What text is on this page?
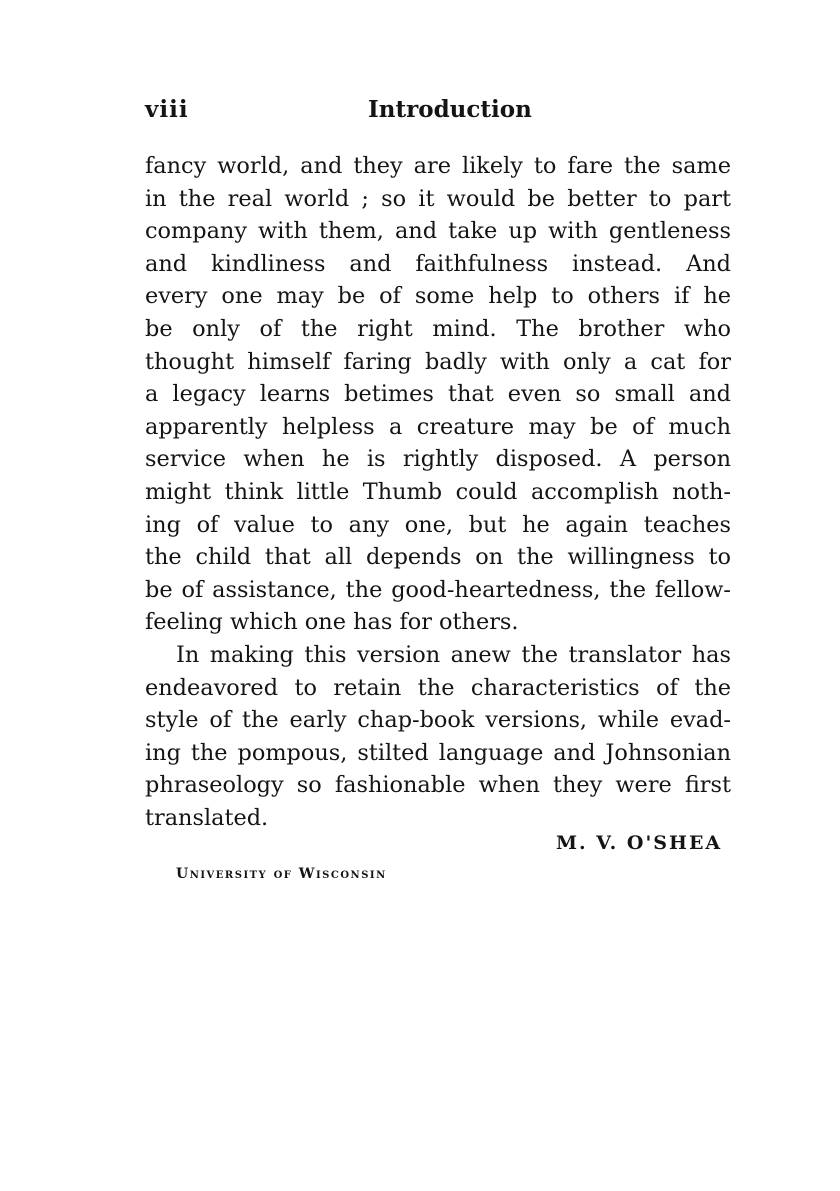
viii	Introduction
fancy world, and they are likely to fare the same
in the real world ; so it would be better to part
company with them, and take up with gentleness
and kindliness and faithfulness instead. And
every one may be of some help to others if he
be only of the right mind. The brother who
thought himself faring badly with only a cat for
a legacy learns betimes that even so small and
apparently helpless a creature may be of much
service when he is rightly disposed. A person
might think little Thumb could accomplish noth-
ing of value to any one, but he again teaches
the child that all depends on the willingness to
be of assistance, the good-heartedness, the fellow-
feeling which one has for others.
In making this version anew the translator has
endeavored to retain the characteristics of the
style of the early chap-book versions, while evad-
ing the pompous, stilted language and Johnsonian
phraseology so fashionable when they were first
translated.
M. V. O'SHEA
University of Wisconsin
